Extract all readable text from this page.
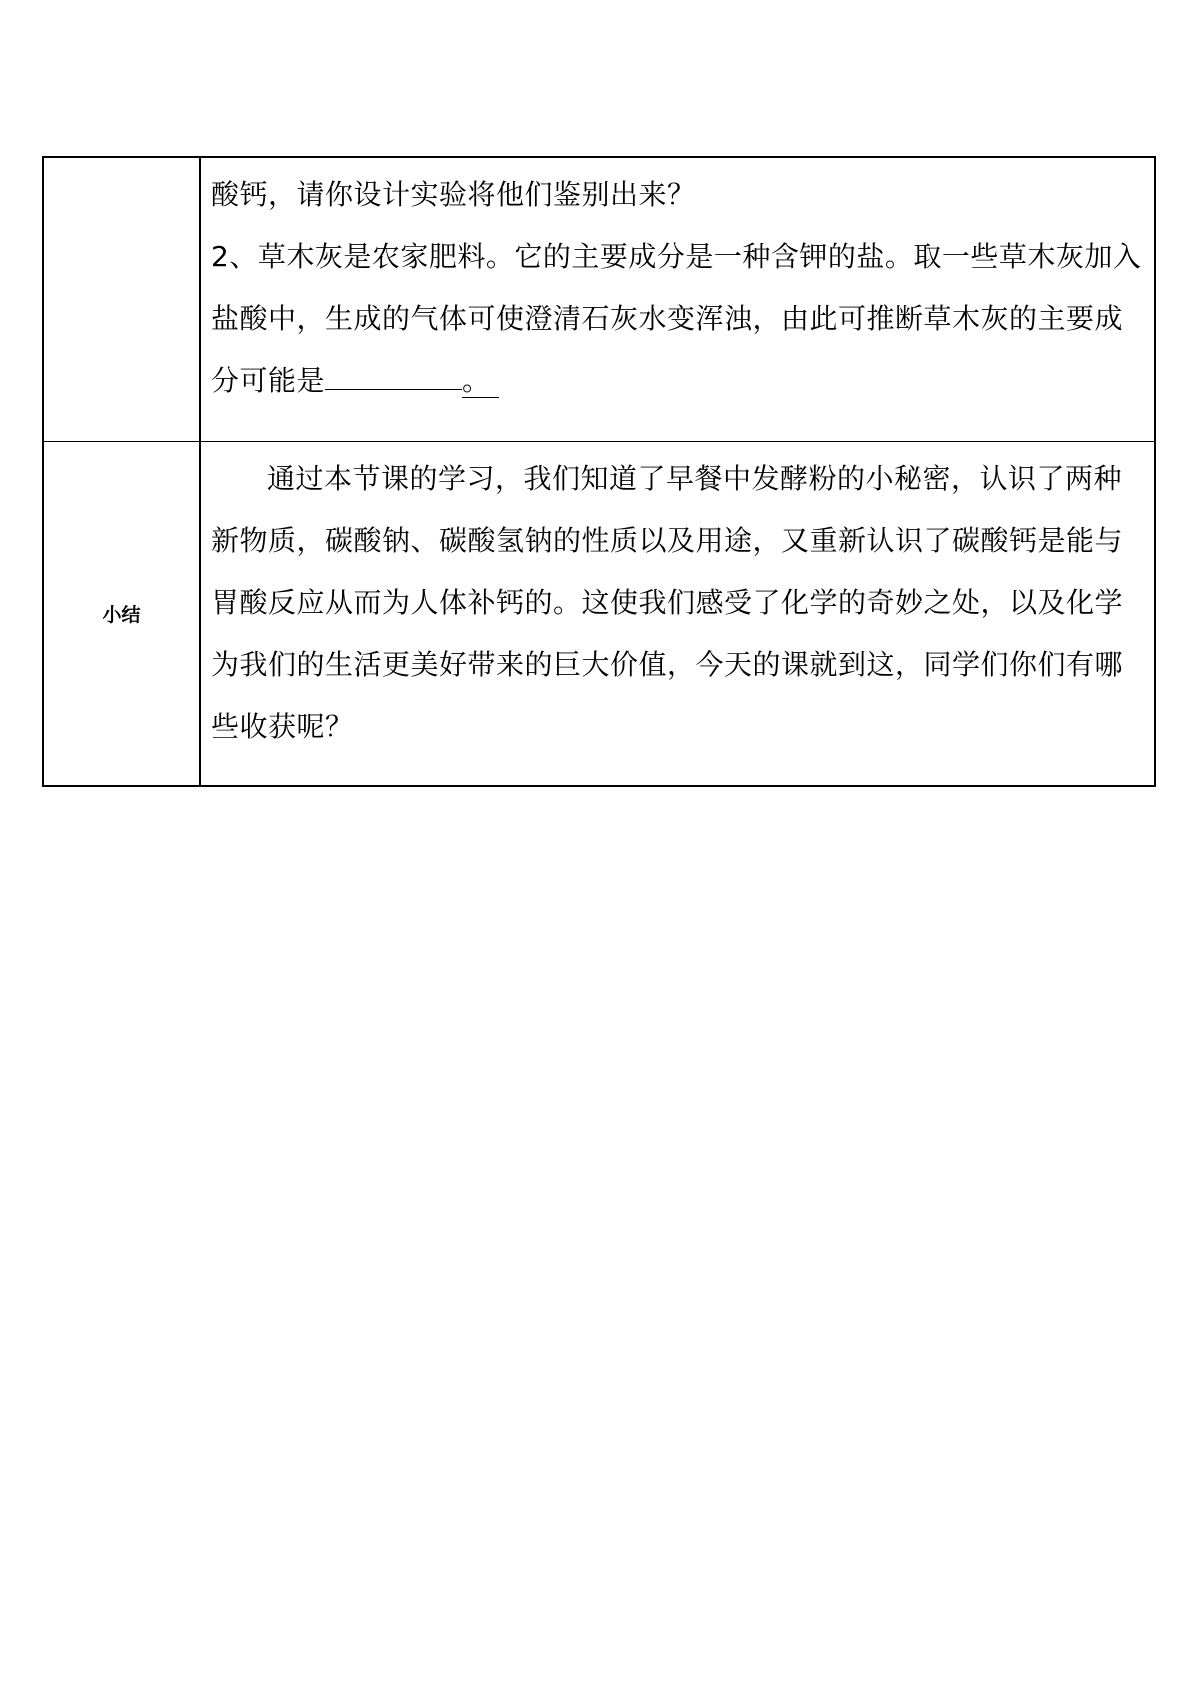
	酸钙，请你设计实验将他们鉴别出来？

2、草木灰是农家肥料。它的主要成分是一种含钾的盐。取一些草木灰加入盐酸中，生成的气体可使澄清石灰水变浑浊，由此可推断草木灰的主要成分可能是 。

小结	通过本节课的学习，我们知道了早餐中发酵粉的小秘密，认识了两种新物质，碳酸钠、碳酸氢钠的性质以及用途，又重新认识了碳酸钙是能与胃酸反应从而为人体补钙的。这使我们感受了化学的奇妙之处，以及化学为我们的生活更美好带来的巨大价值，今天的课就到这，同学们你们有哪些收获呢？
